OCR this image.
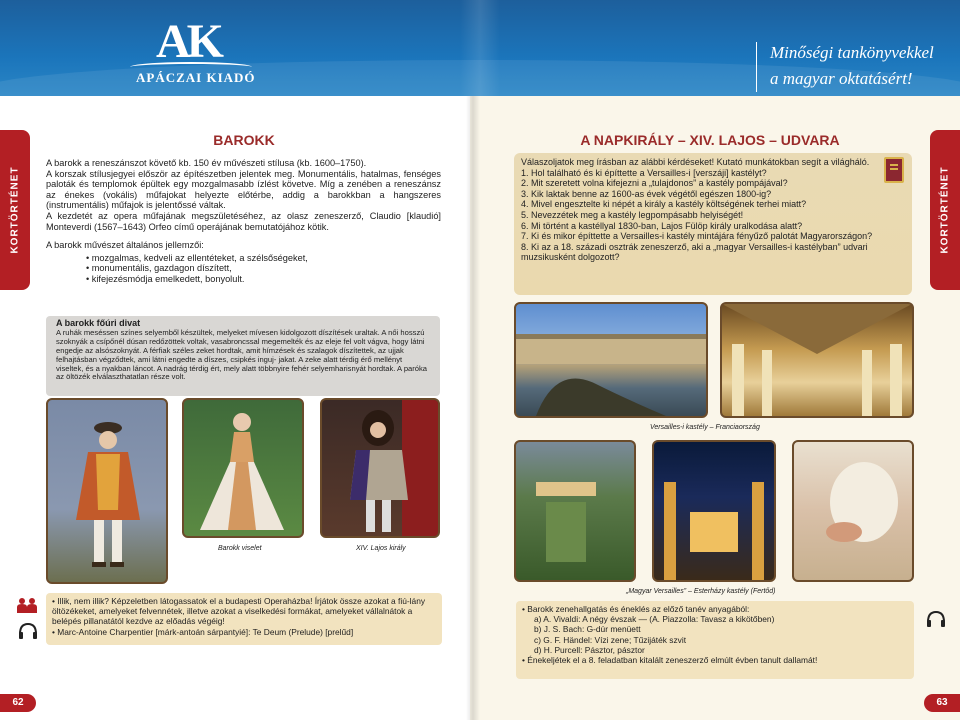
AK
APÁCZAI KIADÓ
Minőségi tankönyvekkel
a magyar oktatásért!
KORTÖRTÉNET
BAROKK

A barokk a reneszánszot követő kb. 150 év művészeti stílusa (kb. 1600–1750).

A korszak stílusjegyei először az építészetben jelentek meg. Monumentális, hatalmas, fenséges paloták és templomok épültek egy mozgalmasabb ízlést követve. Míg a zenében a reneszánsz az énekes (vokális) műfajokat helyezte előtérbe, addig a barokkban a hangszeres (instrumentális) műfajok is jelentőssé váltak.

A kezdetét az opera műfajának megszületéséhez, az olasz zeneszerző, Claudio [klaudió] Monteverdi (1567–1643) Orfeo című operájának bemutatójához kötik.

A barokk művészet általános jellemzői:

• mozgalmas, kedveli az ellentéteket, a szélsőségeket,
• monumentális, gazdagon díszített,
• kifejezésmódja emelkedett, bonyolult.
A barokk főúri divat
A ruhák meséssen színes selyemből készültek, melyeket mívesen kidolgozott díszítések uraltak. A női hosszú szoknyák a csípőnél dúsan redőzöttek voltak, vasabroncssal megemelték és az eleje fel volt vágva, hogy látni engedje az alsószoknyát. A férfiak széles zeket hordtak, amit hímzések és szalagok díszítettek, az ujjak felhajtásban végződtek, ami látni engedte a díszes, csipkés inguj- jakat. A zeke alatt térdig érő mellényt viseltek, és a nyakban láncot. A nadrág térdig ért, mely alatt többnyire fehér selyemharisnyát hordtak. A parókа az öltözék elválaszthatatlan része volt.
Barokk viselet	XIV. Lajos király
• Illik, nem illik? Képzeletben látogassatok el a budapesti Operaházba! Írjátok össze azokat a fiú-lány öltözékeket, amelyeket felvennétek, illetve azokat a viselkedési formákat, amelyeket vállalnátok a belépés pillanatától kezdve az előadás végéig!
• Marc-Antoine Charpentier [márk-antoán sárpantyié]: Te Deum (Prelude) [prelűd]
62
KORTÖRTÉNET
A NAPKIRÁLY – XIV. LAJOS – UDVARA
Válaszoljatok meg írásban az alábbi kérdéseket! Kutató munkátokban segít a világháló.
1. Hol található és ki építtette a Versailles-i [verszáji] kastélyt?
2. Mit szeretett volna kifejezni a „tulajdonos” a kastély pompájával?
3. Kik laktak benne az 1600-as évek végétől egészen 1800-ig?
4. Mivel engesztelte ki népét a király a kastély költségének terhei miatt?
5. Nevezzétek meg a kastély legpompásabb helyiségét!
6. Mi történt a kastéllyal 1830-ban, Lajos Fülöp király uralkodása alatt?
7. Ki és mikor építtette a Versailles-i kastély mintájára fényűző palotát Magyarországon?
8. Ki az a 18. századi osztrák zeneszerző, aki a „magyar Versailles-i kastélyban” udvari muzsikusként dolgozott?
Versailles-i kastély – Franciaország
„Magyar Versailles” – Esterházy kastély (Fertőd)
• Barokk zenehallgatás és éneklés az előző tanév anyagából:
a) A. Vivaldi: A négy évszak — (A. Piazzolla: Tavasz a kikötőben)
b) J. S. Bach: G-dúr menüett
c) G. F. Händel: Vízi zene; Tűzijáték szvit
d) H. Purcell: Pásztor, pásztor
• Énekeljétek el a 8. feladatban kitalált zeneszerző elmúlt évben tanult dallamát!
63
